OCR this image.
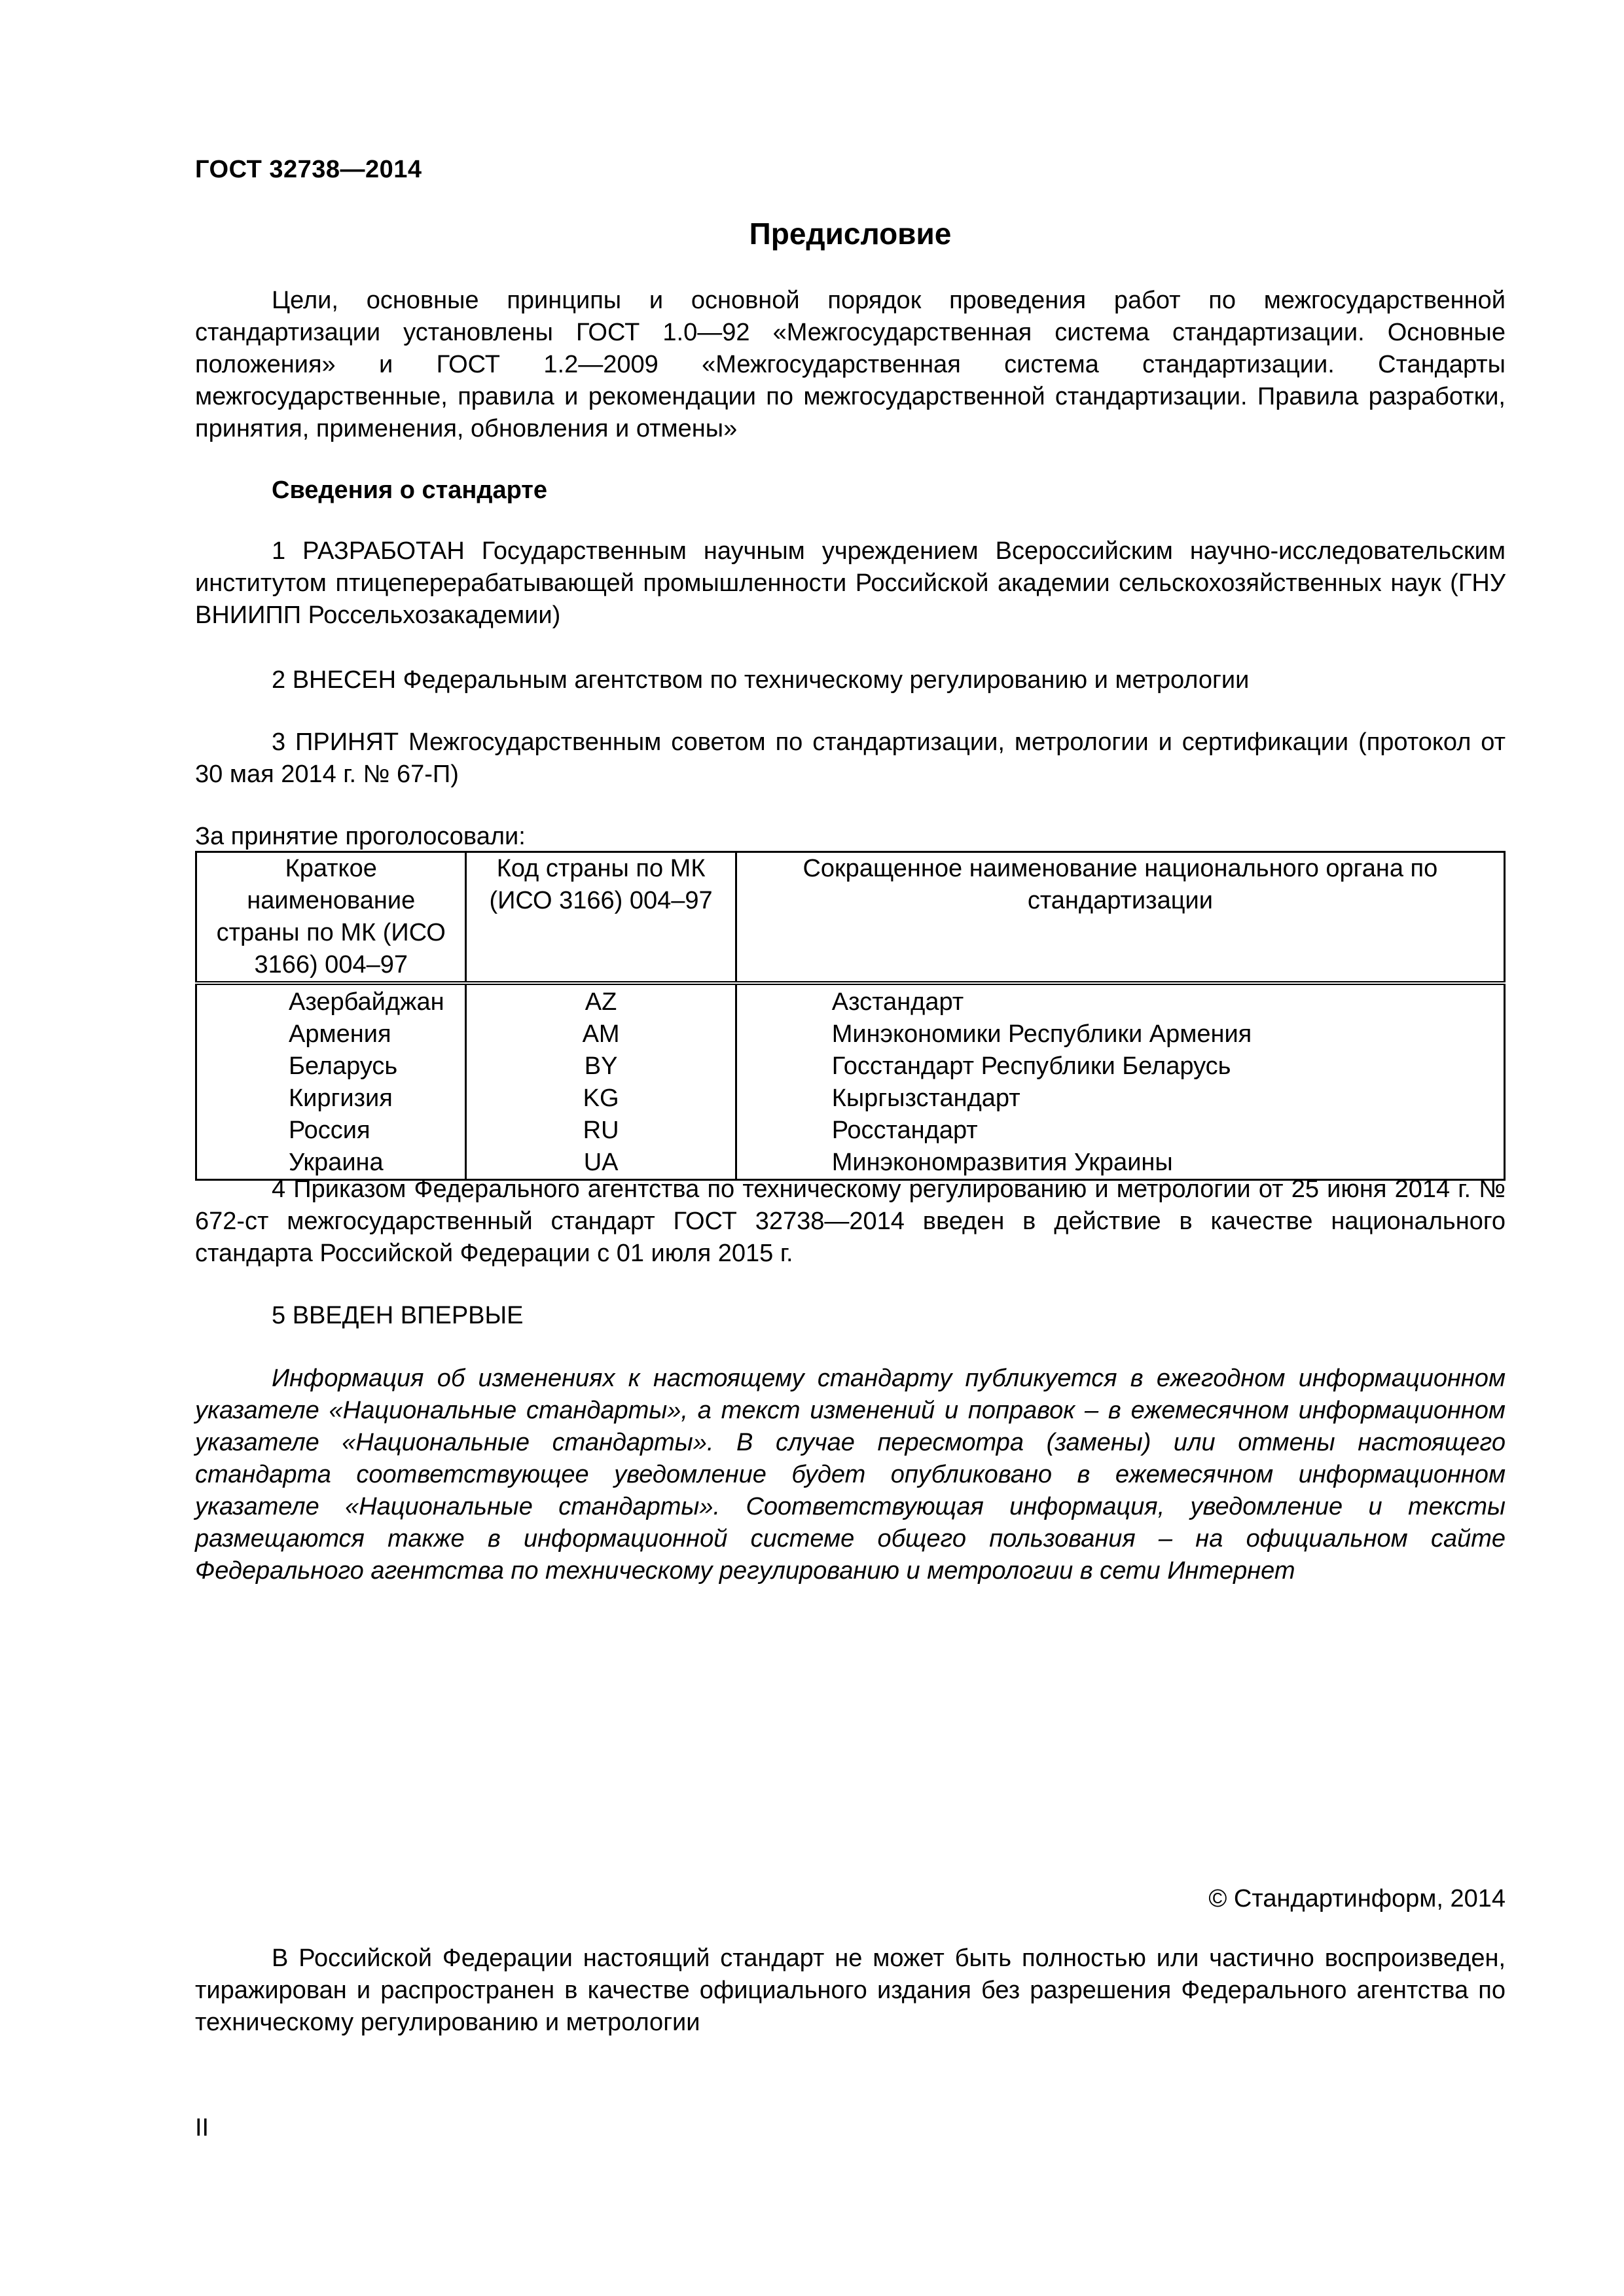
ГОСТ 32738—2014
Предисловие
Цели, основные принципы и основной порядок проведения работ по межгосударственной стандартизации установлены ГОСТ 1.0—92 «Межгосударственная система стандартизации. Основные положения» и ГОСТ 1.2—2009 «Межгосударственная система стандартизации. Стандарты межгосударственные, правила и рекомендации по межгосударственной стандартизации. Правила разработки, принятия, применения, обновления и отмены»
Сведения о стандарте
1 РАЗРАБОТАН Государственным научным учреждением Всероссийским научно-исследовательским институтом птицеперерабатывающей промышленности Российской академии сельскохозяйственных наук (ГНУ ВНИИПП Россельхозакадемии)
2 ВНЕСЕН Федеральным агентством по техническому регулированию и метрологии
3 ПРИНЯТ Межгосударственным советом по стандартизации, метрологии и сертификации (протокол от 30 мая 2014 г. № 67-П)
За принятие проголосовали:
Краткое наименование страны по МК (ИСО 3166) 004–97	Код страны по МК (ИСО 3166) 004–97	Сокращенное наименование национального органа по стандартизации
Азербайджан	AZ	Азстандарт
Армения	AM	Минэкономики Республики Армения
Беларусь	BY	Госстандарт Республики Беларусь
Киргизия	KG	Кыргызстандарт
Россия	RU	Росстандарт
Украина	UA	Минэкономразвития Украины
4 Приказом Федерального агентства по техническому регулированию и метрологии от 25 июня 2014 г. № 672-ст межгосударственный стандарт ГОСТ 32738—2014 введен в действие в качестве национального стандарта Российской Федерации с 01 июля 2015 г.
5 ВВЕДЕН ВПЕРВЫЕ
Информация об изменениях к настоящему стандарту публикуется в ежегодном информационном указателе «Национальные стандарты», а текст изменений и поправок – в ежемесячном информационном указателе «Национальные стандарты». В случае пересмотра (замены) или отмены настоящего стандарта соответствующее уведомление будет опубликовано в ежемесячном информационном указателе «Национальные стандарты». Соответствующая информация, уведомление и тексты размещаются также в информационной системе общего пользования – на официальном сайте Федерального агентства по техническому регулированию и метрологии в сети Интернет
© Стандартинформ, 2014
В Российской Федерации настоящий стандарт не может быть полностью или частично воспроизведен, тиражирован и распространен в качестве официального издания без разрешения Федерального агентства по техническому регулированию и метрологии
II
